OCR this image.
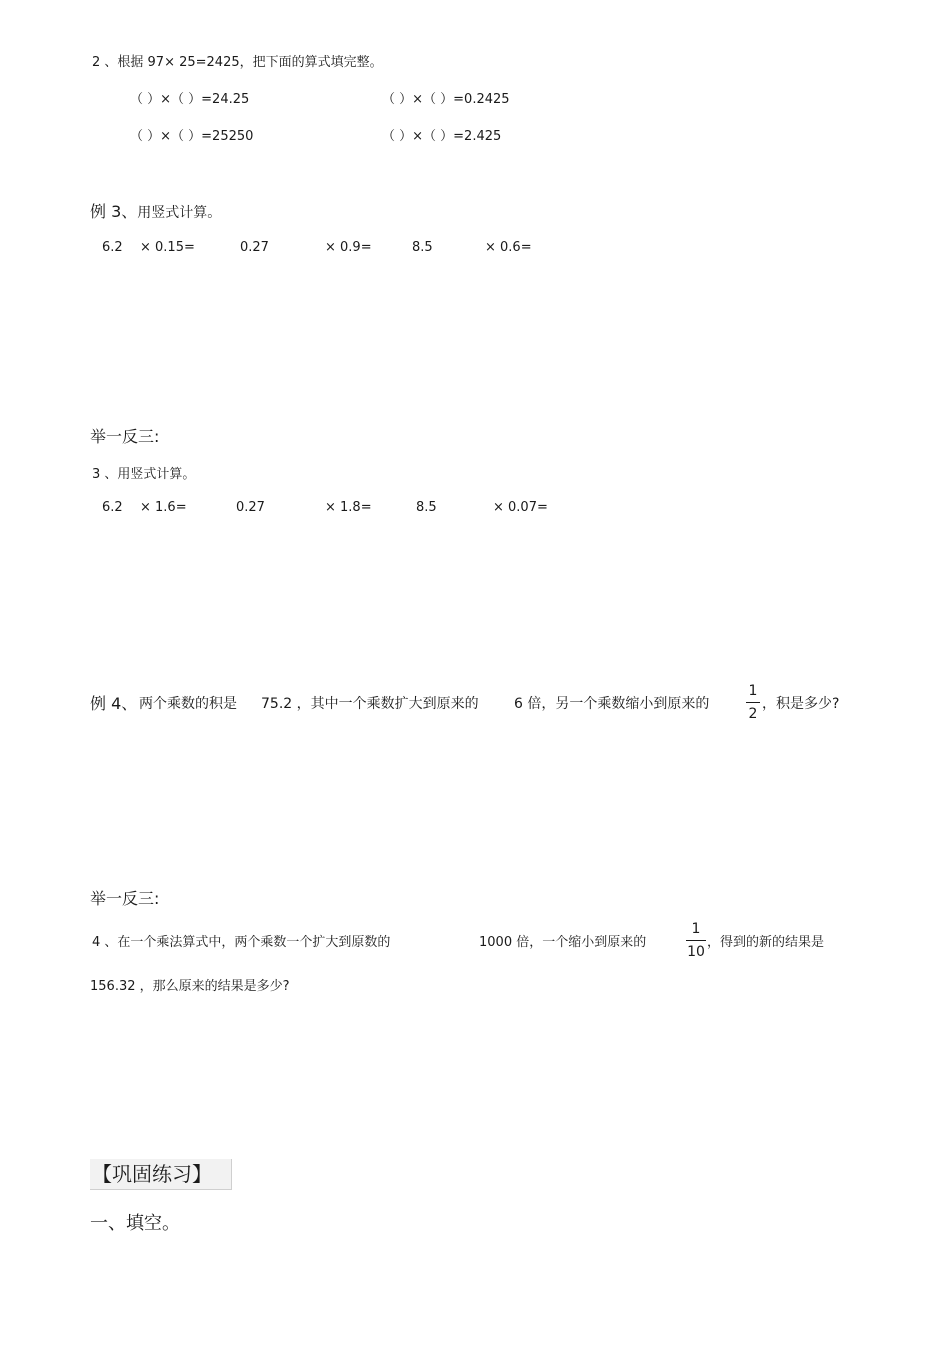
2 、根据 97× 25=2425，把下面的算式填完整。
（ ）×（ ）=24.25	（ ）×（ ）=0.2425
（ ）×（ ）=25250	（ ）×（ ）=2.425
例 3、用竖式计算。
6.2 × 0.15=	0.27	× 0.9=	8.5	× 0.6=
举一反三:
3 、用竖式计算。
6.2 × 1.6=	0.27	× 1.8=	8.5	× 0.07=
例 4、 两个乘数的积是 75.2 ，其中一个乘数扩大到原来的	6 倍，另一个乘数缩小到原来的
1
2
，积是多少?
举一反三:
4 、在一个乘法算式中，两个乘数一个扩大到原数的	1000 倍，一个缩小到原来的
1
10
，得到的新的结果是
156.32 ，那么原来的结果是多少?
【巩固练习】
一、填空。
